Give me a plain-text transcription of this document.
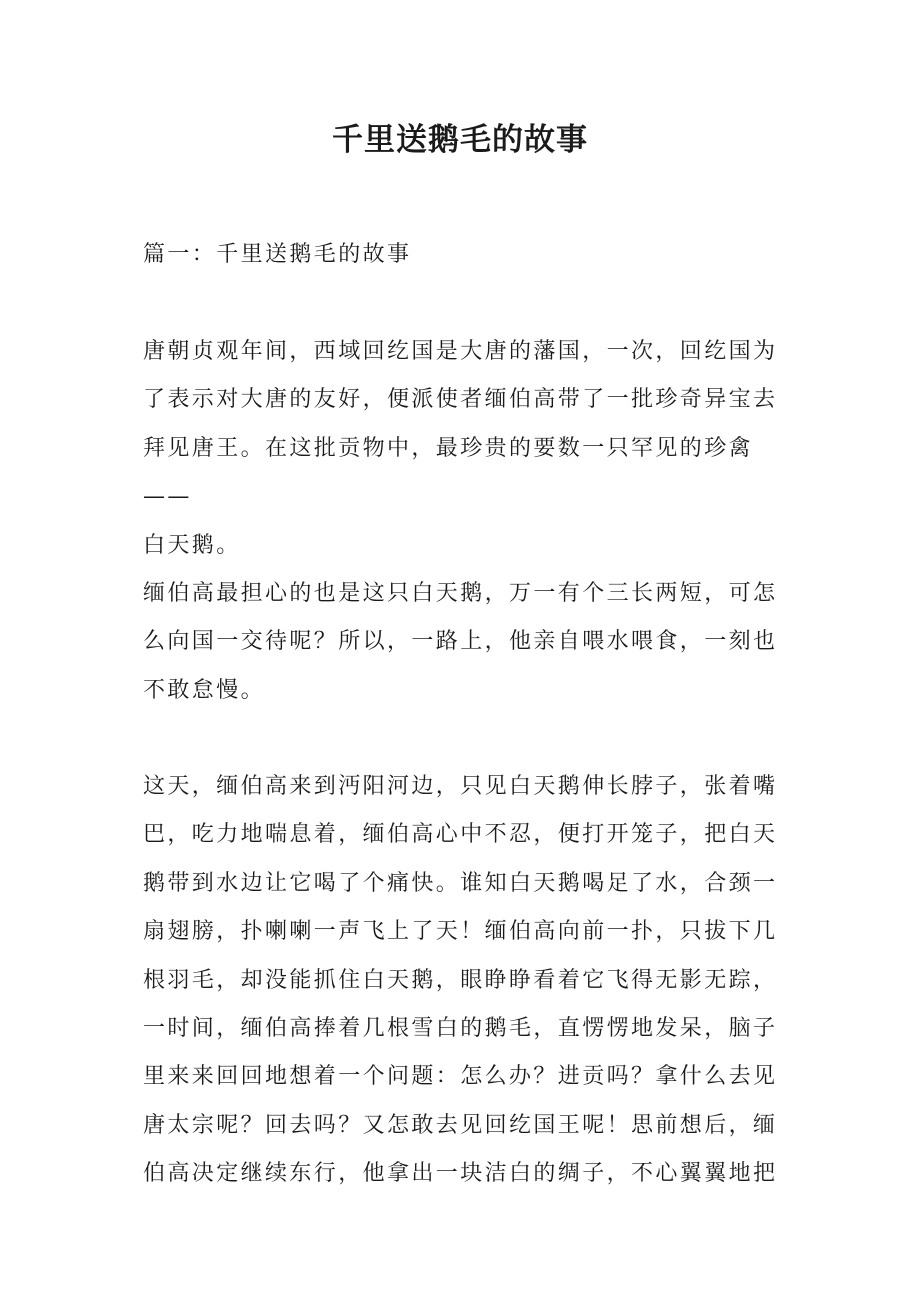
千里送鹅毛的故事

篇一：千里送鹅毛的故事

唐朝贞观年间，西域回纥国是大唐的藩国，一次，回纥国为
了表示对大唐的友好，便派使者缅伯高带了一批珍奇异宝去
拜见唐王。在这批贡物中，最珍贵的要数一只罕见的珍禽——
白天鹅。

缅伯高最担心的也是这只白天鹅，万一有个三长两短，可怎
么向国一交待呢？所以，一路上，他亲自喂水喂食，一刻也
不敢怠慢。

这天，缅伯高来到沔阳河边，只见白天鹅伸长脖子，张着嘴
巴，吃力地喘息着，缅伯高心中不忍，便打开笼子，把白天
鹅带到水边让它喝了个痛快。谁知白天鹅喝足了水，合颈一
扇翅膀，扑喇喇一声飞上了天！缅伯高向前一扑，只拔下几
根羽毛，却没能抓住白天鹅，眼睁睁看着它飞得无影无踪，
一时间，缅伯高捧着几根雪白的鹅毛，直愣愣地发呆，脑子
里来来回回地想着一个问题：怎么办？进贡吗？拿什么去见
唐太宗呢？回去吗？又怎敢去见回纥国王呢！思前想后，缅
伯高决定继续东行，他拿出一块洁白的绸子，不心翼翼地把
